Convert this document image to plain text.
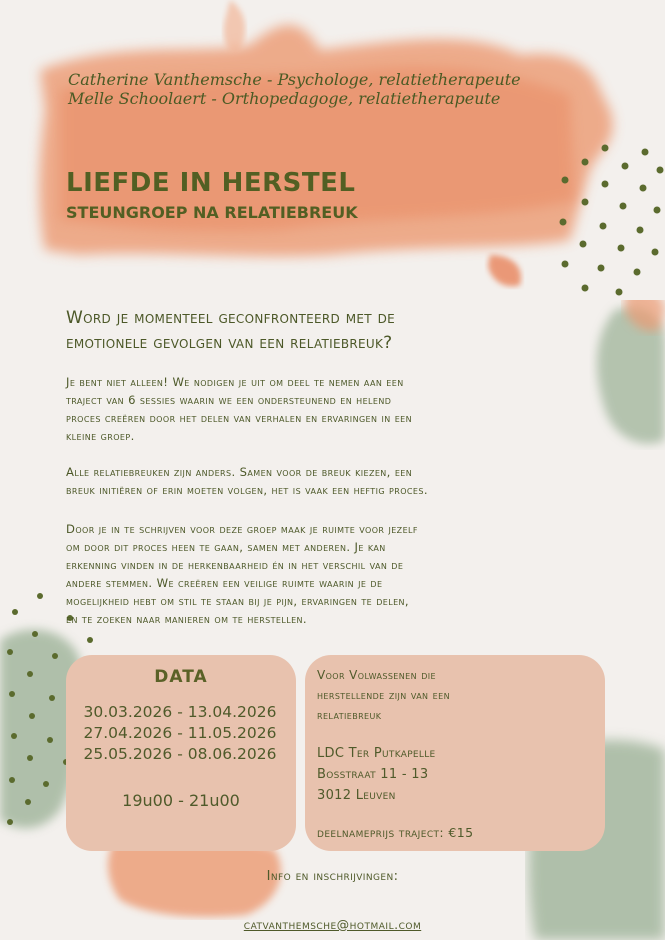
Catherine Vanthemsche - Psychologe, relatietherapeute
Melle Schoolaert - Orthopedagoge, relatietherapeute
LIEFDE IN HERSTEL
STEUNGROEP NA RELATIEBREUK
Word je momenteel geconfronteerd met de
emotionele gevolgen van een relatiebreuk?
Je bent niet alleen! We nodigen je uit om deel te nemen aan een
traject van 6 sessies waarin we een ondersteunend en helend
proces creëren door het delen van verhalen en ervaringen in een
kleine groep.
Alle relatiebreuken zijn anders. Samen voor de breuk kiezen, een
breuk initiëren of erin moeten volgen, het is vaak een heftig proces.
Door je in te schrijven voor deze groep maak je ruimte voor jezelf
om door dit proces heen te gaan, samen met anderen. Je kan
erkenning vinden in de herkenbaarheid én in het verschil van de
andere stemmen. We creëren een veilige ruimte waarin je de
mogelijkheid hebt om stil te staan bij je pijn, ervaringen te delen,
en te zoeken naar manieren om te herstellen.
DATA
30.03.2026 - 13.04.2026
27.04.2026 - 11.05.2026
25.05.2026 - 08.06.2026
19u00 - 21u00
Voor Volwassenen die
herstellende zijn van een
relatiebreuk
LDC Ter Putkapelle
Bosstraat 11 - 13
3012 Leuven
deelnameprijs traject: €15
Info en inschrijvingen:
catvanthemsche@hotmail.com
